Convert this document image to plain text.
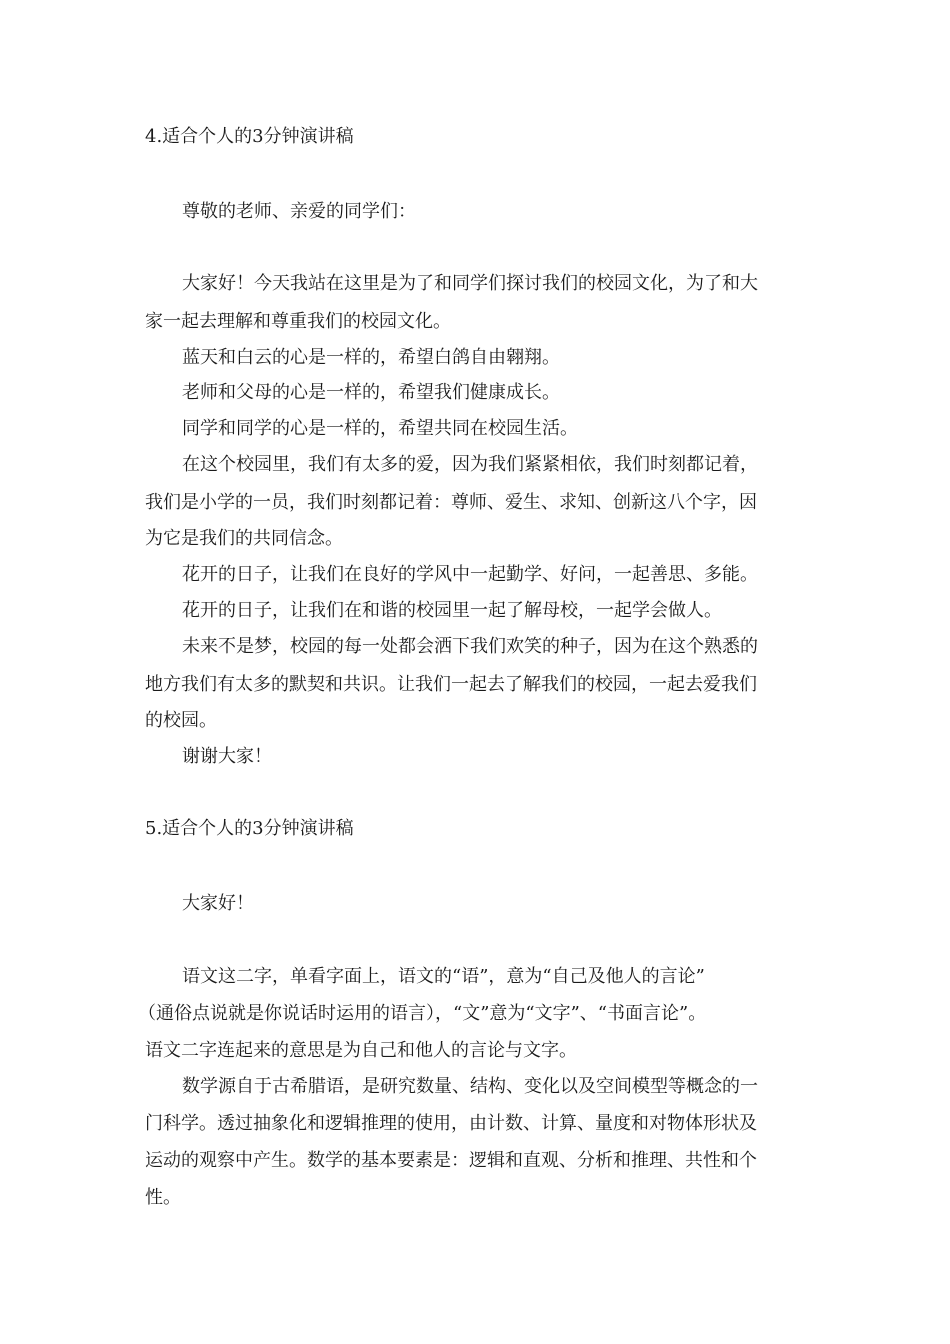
4.适合个人的3分钟演讲稿
尊敬的老师、亲爱的同学们：
大家好！今天我站在这里是为了和同学们探讨我们的校园文化，为了和大
家一起去理解和尊重我们的校园文化。
蓝天和白云的心是一样的，希望白鸽自由翱翔。
老师和父母的心是一样的，希望我们健康成长。
同学和同学的心是一样的，希望共同在校园生活。
在这个校园里，我们有太多的爱，因为我们紧紧相依，我们时刻都记着，
我们是小学的一员，我们时刻都记着：尊师、爱生、求知、创新这八个字，因
为它是我们的共同信念。
花开的日子，让我们在良好的学风中一起勤学、好问，一起善思、多能。
花开的日子，让我们在和谐的校园里一起了解母校，一起学会做人。
未来不是梦，校园的每一处都会洒下我们欢笑的种子，因为在这个熟悉的
地方我们有太多的默契和共识。让我们一起去了解我们的校园，一起去爱我们
的校园。
谢谢大家！
5.适合个人的3分钟演讲稿
大家好！
语文这二字，单看字面上，语文的“语”，意为“自己及他人的言论”
（通俗点说就是你说话时运用的语言），“文”意为“文字”、“书面言论”。
语文二字连起来的意思是为自己和他人的言论与文字。
数学源自于古希腊语，是研究数量、结构、变化以及空间模型等概念的一
门科学。透过抽象化和逻辑推理的使用，由计数、计算、量度和对物体形状及
运动的观察中产生。数学的基本要素是：逻辑和直观、分析和推理、共性和个
性。
